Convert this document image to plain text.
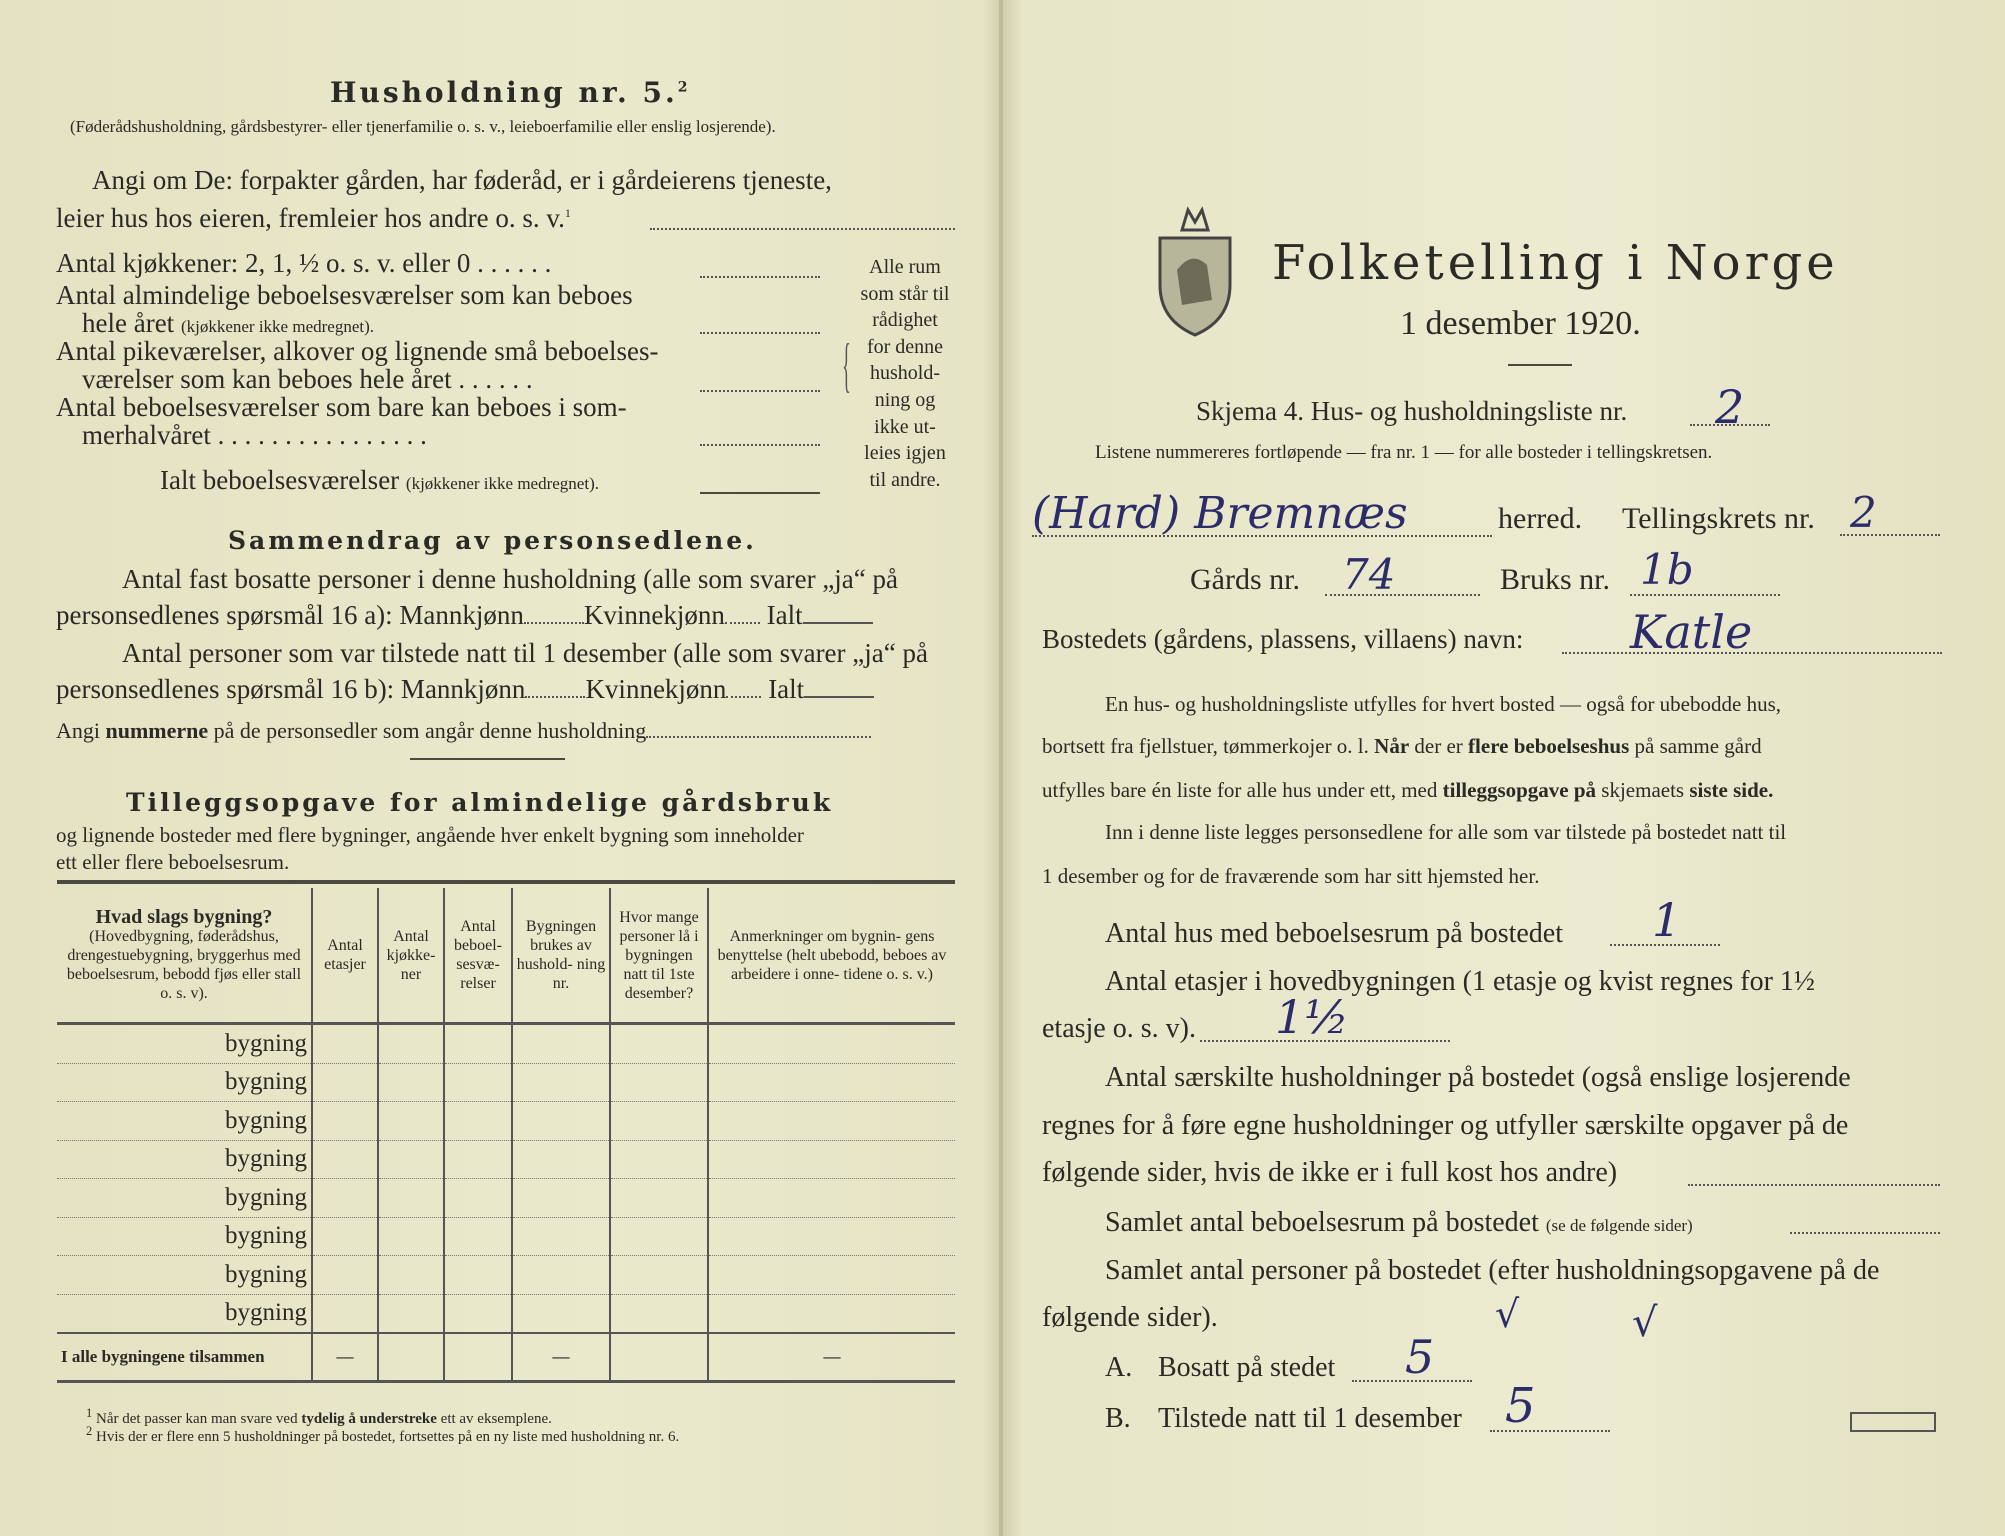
Husholdning nr. 5.$^2$
(Føderådshusholdning, gårdsbestyrer- eller tjenerfamilie o. s. v., leieboerfamilie eller enslig losjerende).
Angi om De: forpakter gården, har føderåd, er i gårdeierens tjeneste,
leier hus hos eieren, fremleier hos andre o. s. v.$^1$
Antal kjøkkener: 2, 1, ½ o. s. v. eller 0 . . . . . .
Antal almindelige beboelsesværelser som kan beboes
hele året (kjøkkener ikke medregnet).
Antal pikeværelser, alkover og lignende små beboelses-
værelser som kan beboes hele året . . . . . .
Antal beboelsesværelser som bare kan beboes i som-
merhalvåret . . . . . . . . . . . . . . . .
Ialt beboelsesværelser (kjøkkener ikke medregnet).
{
Alle rum
som står til
rådighet
for denne
hushold-
ning og
ikke ut-
leies igjen
til andre.
Sammendrag av personsedlene.
Antal fast bosatte personer i denne husholdning (alle som svarer „ja“ på
personsedlenes spørsmål 16 a): Mannkjønn Kvinnekjønn Ialt
Antal personer som var tilstede natt til 1 desember (alle som svarer „ja“ på
personsedlenes spørsmål 16 b): Mannkjønn Kvinnekjønn Ialt
Angi nummerne på de personsedler som angår denne husholdning
Tilleggsopgave for almindelige gårdsbruk
og lignende bosteder med flere bygninger, angående hver enkelt bygning som inneholder
ett eller flere beboelsesrum.
Hvad slags bygning?
(Hovedbygning, føderådshus, drengestuebygning, bryggerhus med beboelsesrum, bebodd fjøs eller stall o. s. v).	Antal etasjer	Antal kjøkke- ner	Antal beboel- sesvæ- relser	Bygningen brukes av hushold- ning nr.	Hvor mange personer lå i bygningen natt til 1ste desember?	Anmerkninger om bygnin- gens benyttelse (helt ubebodd, beboes av arbeidere i onne- tidene o. s. v.)
bygning						
bygning						
bygning						
bygning						
bygning						
bygning						
bygning						
bygning						
I alle bygningene tilsammen	—			—		—
$^1$ Når det passer kan man svare ved tydelig å understreke ett av eksemplene.
$^2$ Hvis der er flere enn 5 husholdninger på bostedet, fortsettes på en ny liste med husholdning nr. 6.
Folketelling i Norge
1 desember 1920.
Skjema 4. Hus- og husholdningsliste nr. 2
Listene nummereres fortløpende — fra nr. 1 — for alle bosteder i tellingskretsen.
(Hard) Bremnæs	herred. Tellingskrets nr. 2
Gårds nr. 74	Bruks nr. 1b
Bostedets (gårdens, plassens, villaens) navn: Katle
En hus- og husholdningsliste utfylles for hvert bosted — også for ubebodde hus,
bortsett fra fjellstuer, tømmerkojer o. l. Når der er flere beboelseshus på samme gård
utfylles bare én liste for alle hus under ett, med tilleggsopgave på skjemaets siste side.
Inn i denne liste legges personsedlene for alle som var tilstede på bostedet natt til
1 desember og for de fraværende som har sitt hjemsted her.
Antal hus med beboelsesrum på bostedet 1
Antal etasjer i hovedbygningen (1 etasje og kvist regnes for 1½
etasje o. s. v). 1½
Antal særskilte husholdninger på bostedet (også enslige losjerende
regnes for å føre egne husholdninger og utfyller særskilte opgaver på de
følgende sider, hvis de ikke er i full kost hos andre)
Samlet antal beboelsesrum på bostedet (se de følgende sider)
Samlet antal personer på bostedet (efter husholdningsopgavene på de
følgende sider).
A. Bosatt på stedet 5
√
B. Tilstede natt til 1 desember 5
√
